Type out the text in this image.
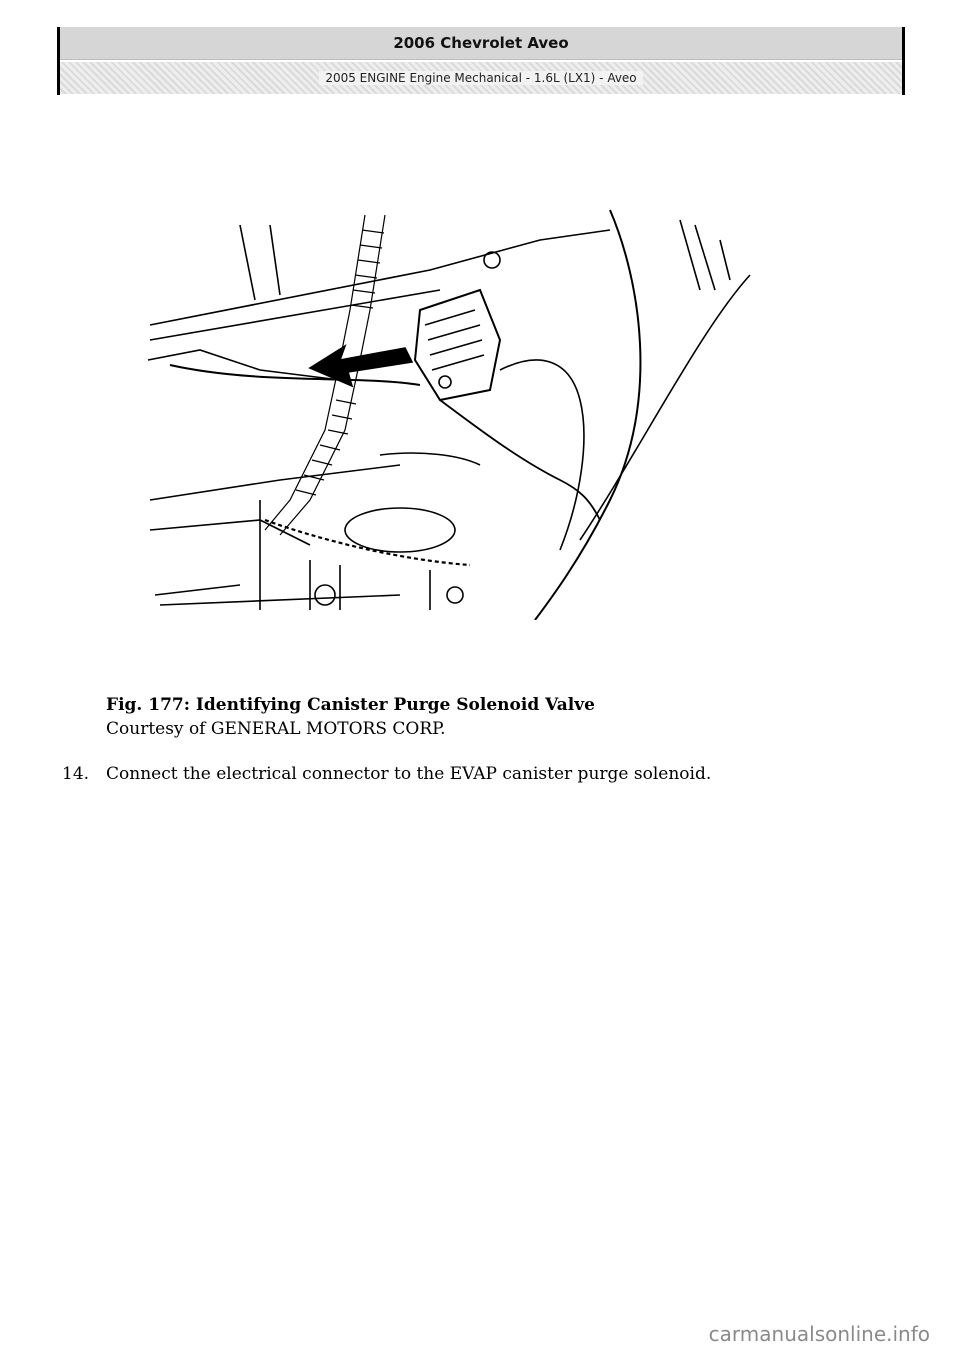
2006 Chevrolet Aveo
2005 ENGINE Engine Mechanical - 1.6L (LX1) - Aveo
Fig. 177: Identifying Canister Purge Solenoid Valve
Courtesy of GENERAL MOTORS CORP.
14. Connect the electrical connector to the EVAP canister purge solenoid.
carmanualsonline.info
